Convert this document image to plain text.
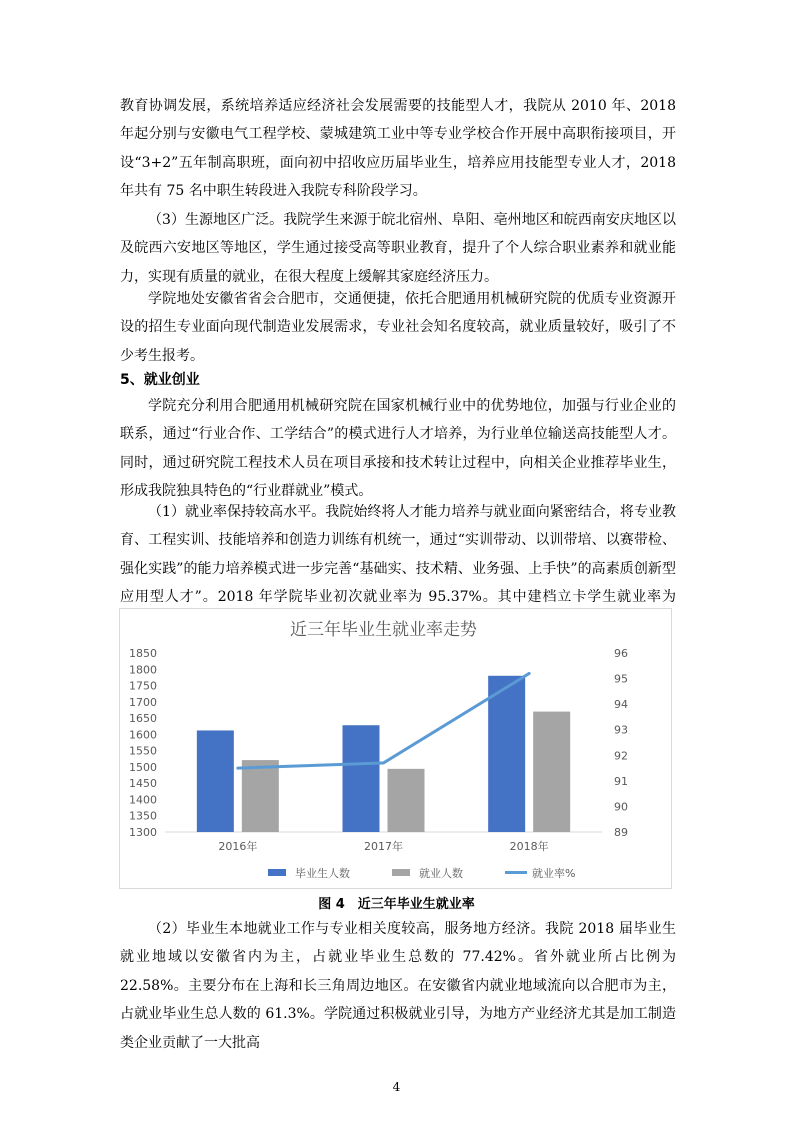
教育协调发展，系统培养适应经济社会发展需要的技能型人才，我院从 2010 年、2018 年起分别与安徽电气工程学校、蒙城建筑工业中等专业学校合作开展中高职衔接项目，开设“3+2”五年制高职班，面向初中招收应历届毕业生，培养应用技能型专业人才，2018 年共有 75 名中职生转段进入我院专科阶段学习。

（3）生源地区广泛。我院学生来源于皖北宿州、阜阳、亳州地区和皖西南安庆地区以及皖西六安地区等地区，学生通过接受高等职业教育，提升了个人综合职业素养和就业能力，实现有质量的就业，在很大程度上缓解其家庭经济压力。

学院地处安徽省省会合肥市，交通便捷，依托合肥通用机械研究院的优质专业资源开设的招生专业面向现代制造业发展需求，专业社会知名度较高，就业质量较好，吸引了不少考生报考。

5、就业创业

学院充分利用合肥通用机械研究院在国家机械行业中的优势地位，加强与行业企业的联系，通过“行业合作、工学结合”的模式进行人才培养，为行业单位输送高技能型人才。同时，通过研究院工程技术人员在项目承接和技术转让过程中，向相关企业推荐毕业生，形成我院独具特色的“行业群就业”模式。

（1）就业率保持较高水平。我院始终将人才能力培养与就业面向紧密结合，将专业教育、工程实训、技能培养和创造力训练有机统一，通过“实训带动、以训带培、以赛带检、强化实践”的能力培养模式进一步完善“基础实、技术精、业务强、上手快”的高素质创新型应用型人才”。2018 年学院毕业初次就业率为 95.37%。其中建档立卡学生就业率为

近三年毕业生就业率走势
1300
1350
1400
1450
1500
1550
1600
1650
1700
1750
1800
1850
89
90
91
92
93
94
95
96
2016年	2017年	2018年
毕业生人数	就业人数	就业率%

图 4　近三年毕业生就业率

（2）毕业生本地就业工作与专业相关度较高，服务地方经济。我院 2018 届毕业生就业地域以安徽省内为主，占就业毕业生总数的 77.42%。省外就业所占比例为 22.58%。主要分布在上海和长三角周边地区。在安徽省内就业地域流向以合肥市为主，占就业毕业生总人数的 61.3%。学院通过积极就业引导，为地方产业经济尤其是加工制造类企业贡献了一大批高

4
